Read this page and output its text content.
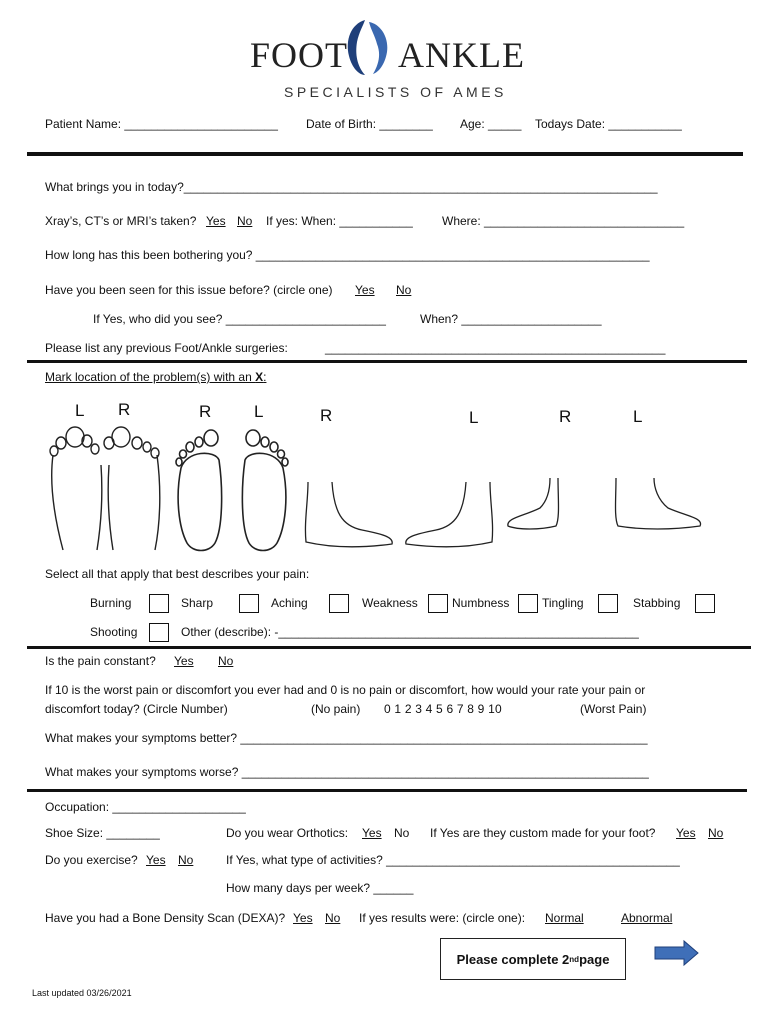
FOOT ANKLE
SPECIALISTS OF AMES
Patient Name: _______________________ Date of Birth: ________ Age: _____ Todays Date: ___________
What brings you in today?_______________________________________________________________________
Xray’s, CT’s or MRI’s taken? Yes No If yes: When: ___________ Where: ______________________________
How long has this been bothering you? ___________________________________________________________
Have you been seen for this issue before? (circle one) Yes No
If Yes, who did you see? ________________________	When? _____________________
Please list any previous Foot/Ankle surgeries:	___________________________________________________
Mark location of the problem(s) with an X:
L R	R	L	R	L	R	L
Select all that apply that best describes your pain:
Burning	Sharp	Aching	Weakness	Numbness	Tingling	Stabbing
Shooting	Other (describe): -______________________________________________________
Is the pain constant? Yes No
If 10 is the worst pain or discomfort you ever had and 0 is no pain or discomfort, how would your rate your pain or
discomfort today? (Circle Number)	(No pain) 0 1 2 3 4 5 6 7 8 9 10	(Worst Pain)
What makes your symptoms better? _____________________________________________________________
What makes your symptoms worse? _____________________________________________________________
Occupation: ____________________
Shoe Size: ________	Do you wear Orthotics: Yes No If Yes are they custom made for your foot? Yes No
Do you exercise? Yes No	If Yes, what type of activities? ____________________________________________
How many days per week? ______
Have you had a Bone Density Scan (DEXA)? Yes No If yes results were: (circle one): Normal	Abnormal
Please complete 2 nd page
Last updated 03/26/2021
